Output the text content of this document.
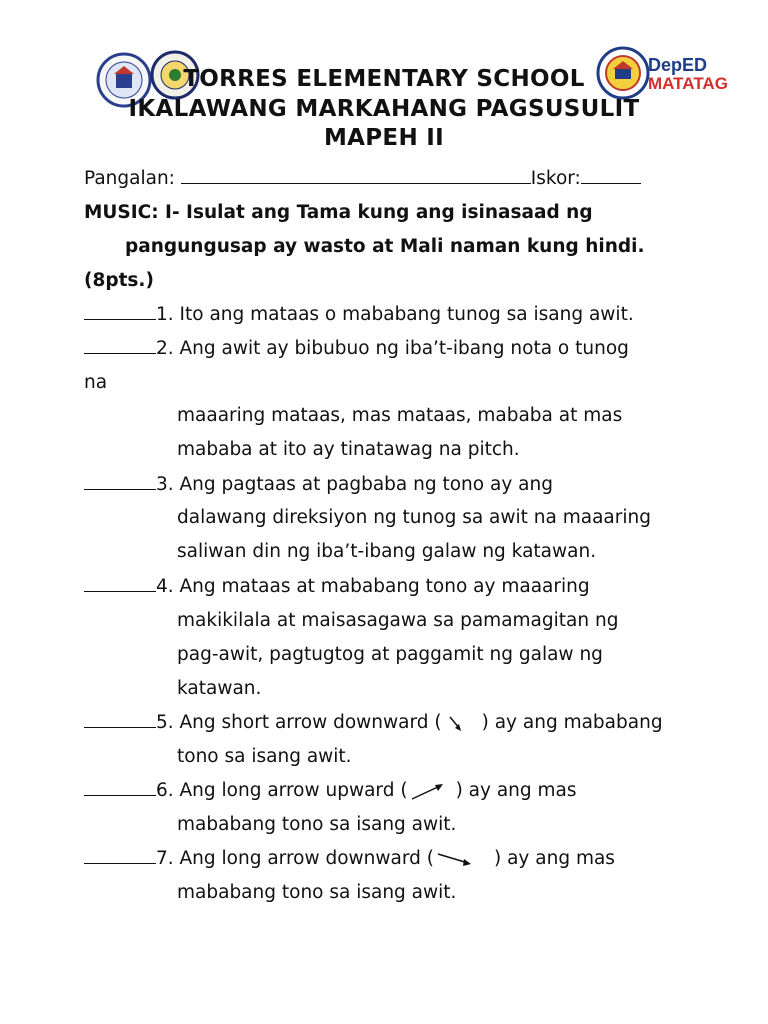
DepED
MATATAG
TORRES ELEMENTARY SCHOOL
IKALAWANG MARKAHANG PAGSUSULIT
MAPEH II
Pangalan:	Iskor:
MUSIC: I- Isulat ang Tama kung ang isinasaad ng
pangungusap ay wasto at Mali naman kung hindi.
(8pts.)
1. Ito ang mataas o mababang tunog sa isang awit.
2. Ang awit ay bibubuo ng iba’t-ibang nota o tunog
na
maaaring mataas, mas mataas, mababa at mas
mababa at ito ay tinatawag na pitch.
3. Ang pagtaas at pagbaba ng tono ay ang
dalawang direksiyon ng tunog sa awit na maaaring
saliwan din ng iba’t-ibang galaw ng katawan.
4. Ang mataas at mababang tono ay maaaring
makikilala at maisasagawa sa pamamagitan ng
pag-awit, pagtugtog at paggamit ng galaw ng
katawan.
5. Ang short arrow downward ( ) ay ang mababang
tono sa isang awit.
6. Ang long arrow upward (	) ay ang mas
mababang tono sa isang awit.
7. Ang long arrow downward (	) ay ang mas
mababang tono sa isang awit.
